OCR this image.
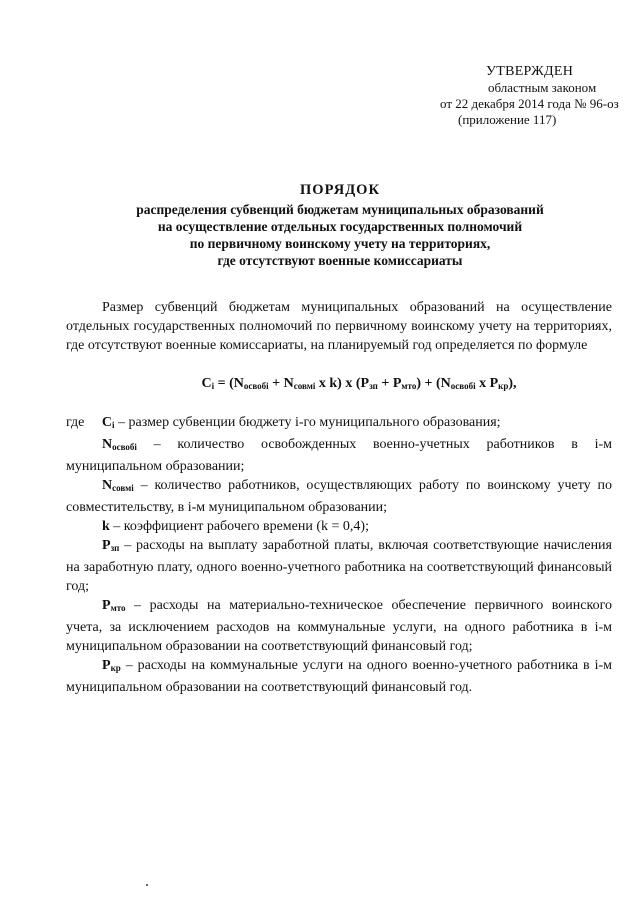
УТВЕРЖДЕН
областным законом
от 22 декабря 2014 года № 96-оз
(приложение 117)
ПОРЯДОК
распределения субвенций бюджетам муниципальных образований
на осуществление отдельных государственных полномочий
по первичному воинскому учету на территориях,
где отсутствуют военные комиссариаты

Размер субвенций бюджетам муниципальных образований на осуществление отдельных государственных полномочий по первичному воинскому учету на территориях, где отсутствуют военные комиссариаты, на планируемый год определяется по формуле

$C_i = (N_{освобi} + N_{совмi}$ x k) x $(P_{зп} + P_{мто}) + (N_{освобi}$ x $P_{кр}$),

где $C_i$ – размер субвенции бюджету i-го муниципального образования;

$N_{освобi}$ – количество освобожденных военно-учетных работников в i-м муниципальном образовании;

$N_{совмi}$ – количество работников, осуществляющих работу по воинскому учету по совместительству, в i-м муниципальном образовании;

k – коэффициент рабочего времени (k = 0,4);

$P_{зп}$ – расходы на выплату заработной платы, включая соответствующие начисления на заработную плату, одного военно-учетного работника на соответствующий финансовый год;

$P_{мто}$ – расходы на материально-техническое обеспечение первичного воинского учета, за исключением расходов на коммунальные услуги, на одного работника в i-м муниципальном образовании на соответствующий финансовый год;

$P_{кр}$ – расходы на коммунальные услуги на одного военно-учетного работника в i-м муниципальном образовании на соответствующий финансовый год.
